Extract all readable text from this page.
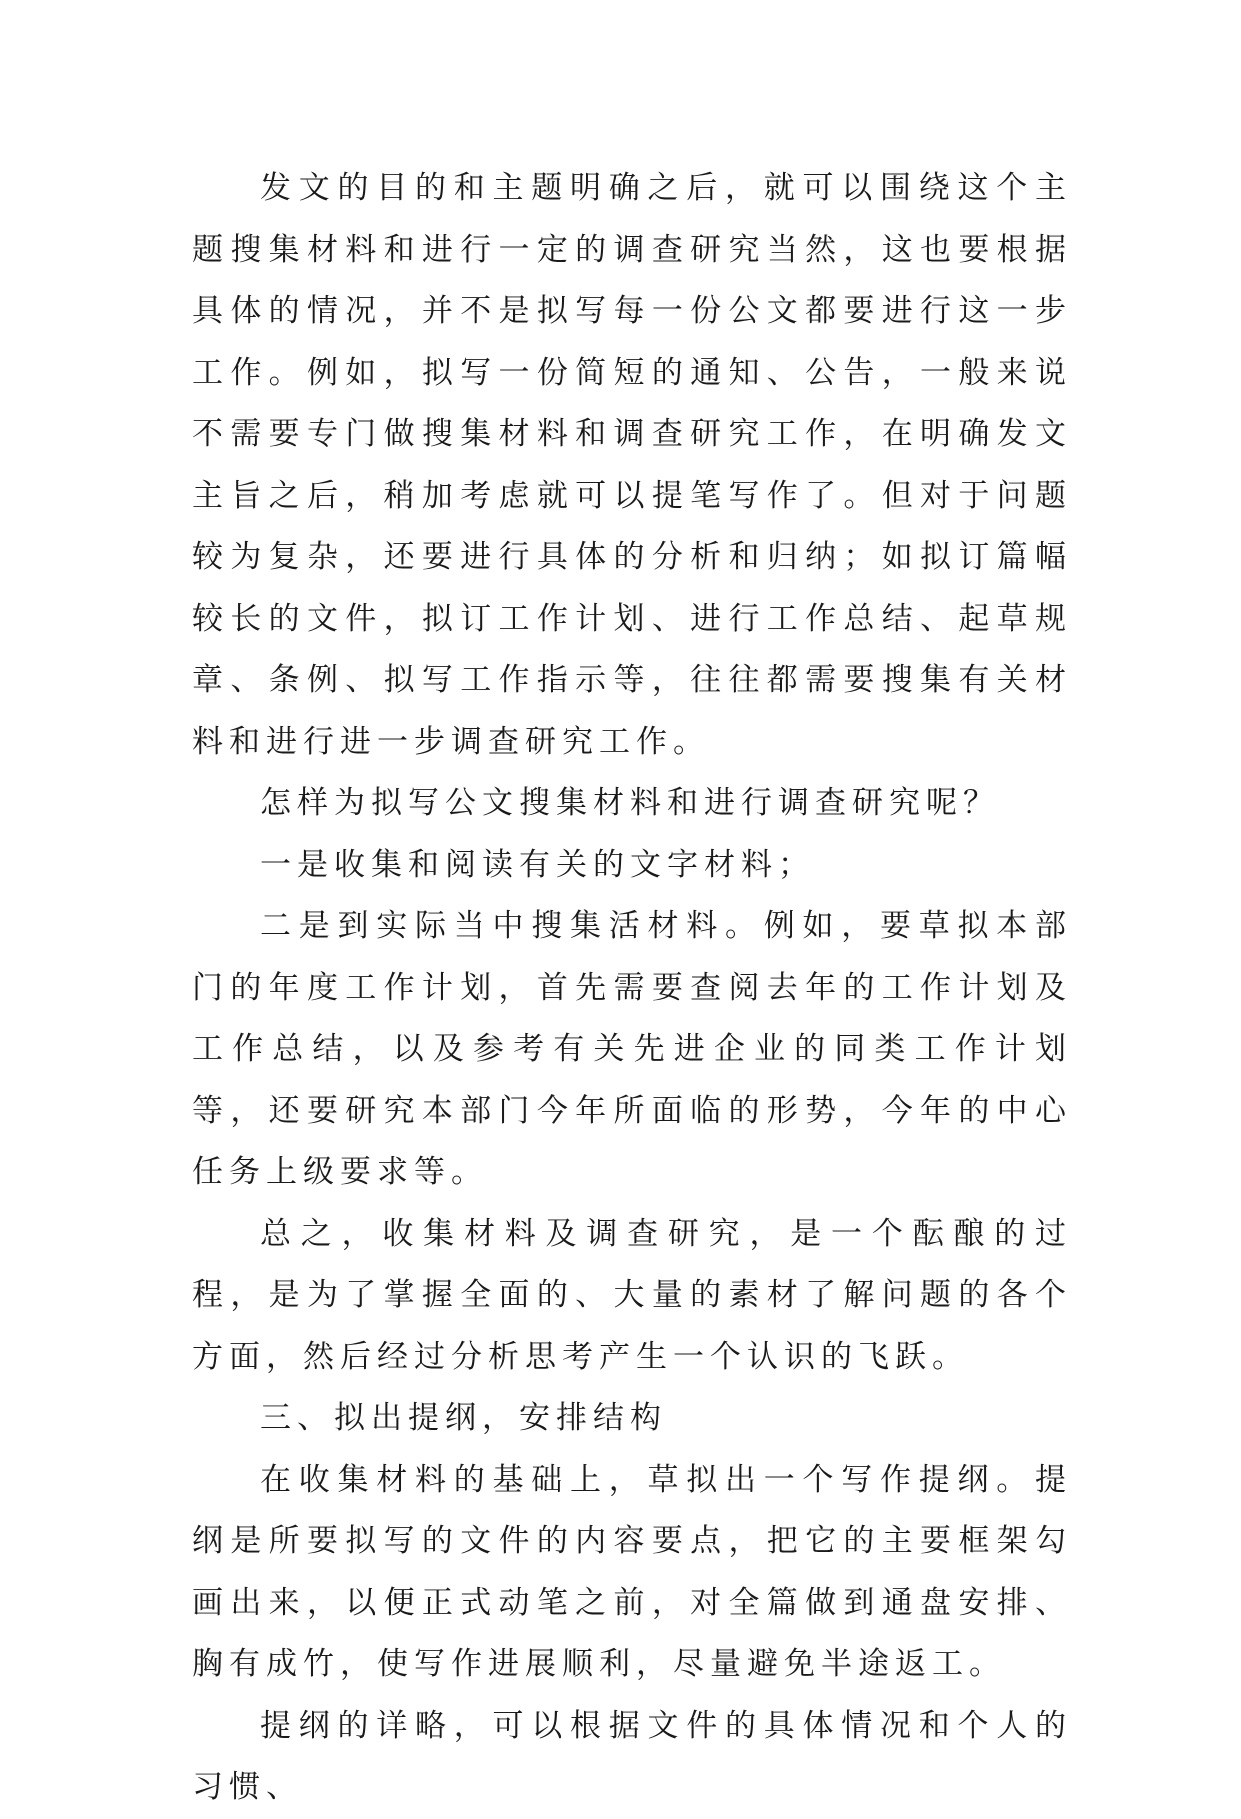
发文的目的和主题明确之后，就可以围绕这个主题搜集材料和进行一定的调查研究当然，这也要根据具体的情况，并不是拟写每一份公文都要进行这一步工作。例如，拟写一份简短的通知、公告，一般来说不需要专门做搜集材料和调查研究工作，在明确发文主旨之后，稍加考虑就可以提笔写作了。但对于问题较为复杂，还要进行具体的分析和归纳；如拟订篇幅较长的文件，拟订工作计划、进行工作总结、起草规章、条例、拟写工作指示等，往往都需要搜集有关材料和进行进一步调查研究工作。

怎样为拟写公文搜集材料和进行调查研究呢？

一是收集和阅读有关的文字材料；

二是到实际当中搜集活材料。例如，要草拟本部门的年度工作计划，首先需要查阅去年的工作计划及工作总结，以及参考有关先进企业的同类工作计划等，还要研究本部门今年所面临的形势，今年的中心任务上级要求等。

总之，收集材料及调查研究，是一个酝酿的过程，是为了掌握全面的、大量的素材了解问题的各个方面，然后经过分析思考产生一个认识的飞跃。

三、拟出提纲，安排结构

在收集材料的基础上，草拟出一个写作提纲。提纲是所要拟写的文件的内容要点，把它的主要框架勾画出来，以便正式动笔之前，对全篇做到通盘安排、胸有成竹，使写作进展顺利，尽量避免半途返工。

提纲的详略，可以根据文件的具体情况和个人的习惯、
